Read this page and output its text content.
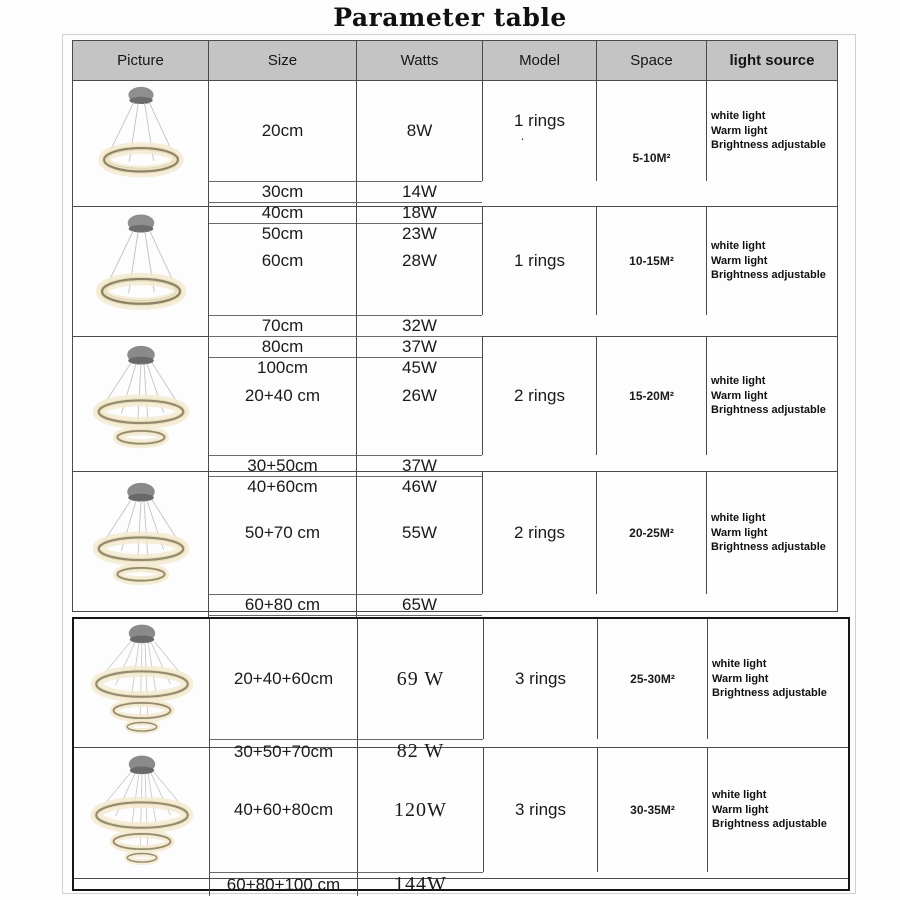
Parameter table
Picture	Size	Watts	Model	Space	light source
20cm	8W
30cm	14W
40cm	18W
50cm	23W
1 rings
·
5-10M²
white light
Warm light
Brightness adjustable
60cm	28W
70cm	32W
80cm	37W
100cm	45W
1 rings	10-15M²
white light
Warm light
Brightness adjustable
20+40 cm	26W
30+50cm	37W
40+60cm	46W
2 rings	15-20M²
white light
Warm light
Brightness adjustable
50+70 cm	55W
60+80 cm	65W
2 rings	20-25M²
white light
Warm light
Brightness adjustable
20+40+60cm	69 W
30+50+70cm	82 W
3 rings	25-30M²
white light
Warm light
Brightness adjustable
40+60+80cm	120W
60+80+100 cm	144W
3 rings	30-35M²
white light
Warm light
Brightness adjustable
